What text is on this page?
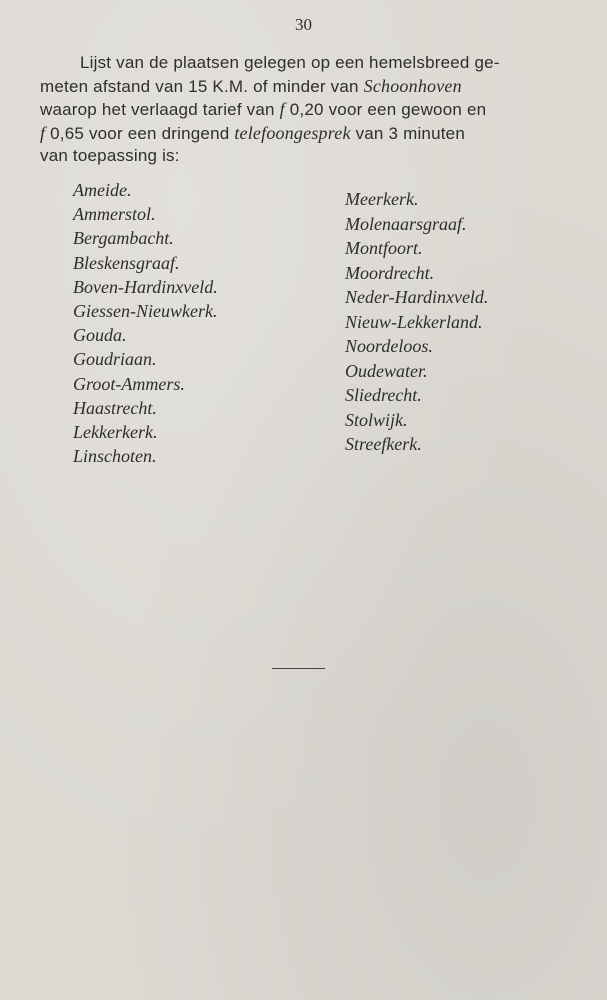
30
Lijst van de plaatsen gelegen op een hemelsbreed ge-
meten afstand van 15 K.M. of minder van Schoonhoven
waarop het verlaagd tarief van f 0,20 voor een gewoon en
f 0,65 voor een dringend telefoongesprek van 3 minuten
van toepassing is:
Ameide.
Ammerstol.
Bergambacht.
Bleskensgraaf.
Boven-Hardinxveld.
Giessen-Nieuwkerk.
Gouda.
Goudriaan.
Groot-Ammers.
Haastrecht.
Lekkerkerk.
Linschoten.
Meerkerk.
Molenaarsgraaf.
Montfoort.
Moordrecht.
Neder-Hardinxveld.
Nieuw-Lekkerland.
Noordeloos.
Oudewater.
Sliedrecht.
Stolwijk.
Streefkerk.
